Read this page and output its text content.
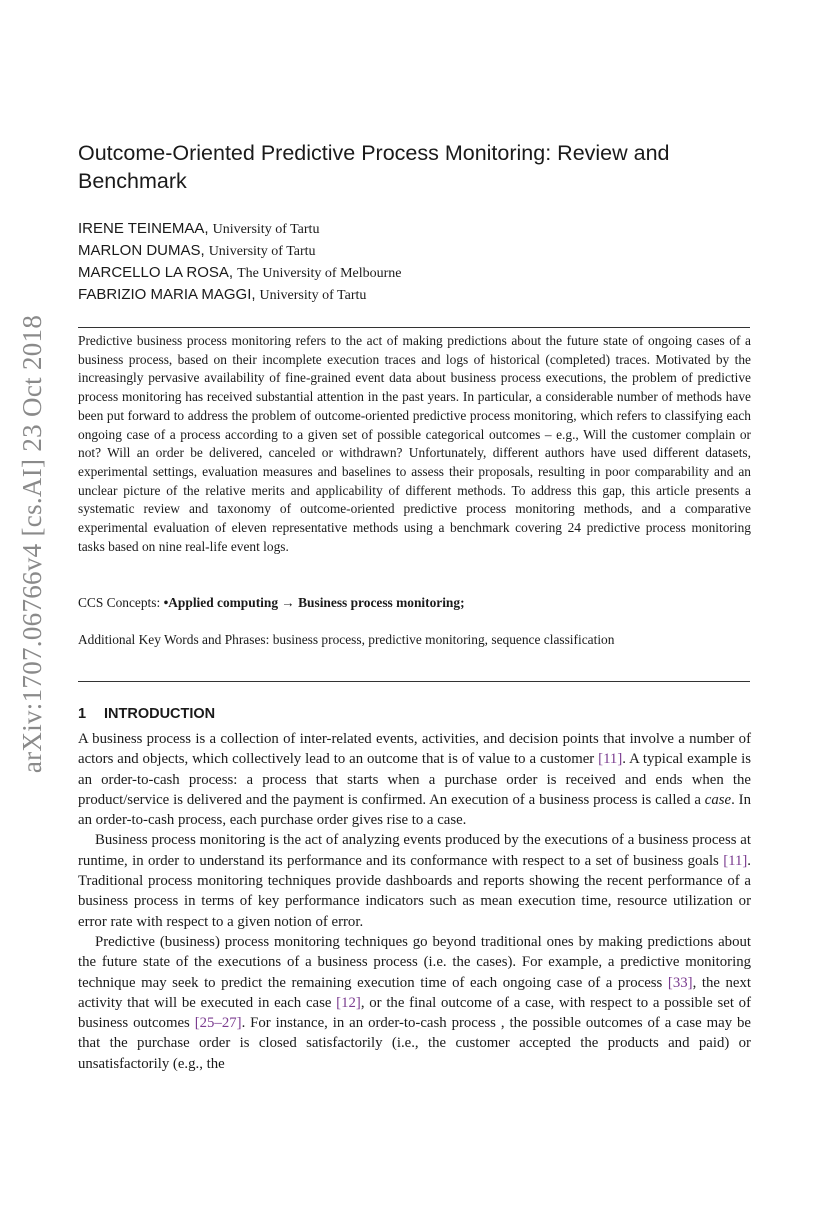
arXiv:1707.06766v4 [cs.AI] 23 Oct 2018
Outcome-Oriented Predictive Process Monitoring: Review and Benchmark
IRENE TEINEMAA, University of Tartu
MARLON DUMAS, University of Tartu
MARCELLO LA ROSA, The University of Melbourne
FABRIZIO MARIA MAGGI, University of Tartu

Predictive business process monitoring refers to the act of making predictions about the future state of ongoing cases of a business process, based on their incomplete execution traces and logs of historical (completed) traces. Motivated by the increasingly pervasive availability of fine-grained event data about business process executions, the problem of predictive process monitoring has received substantial attention in the past years. In particular, a considerable number of methods have been put forward to address the problem of outcome-oriented predictive process monitoring, which refers to classifying each ongoing case of a process according to a given set of possible categorical outcomes – e.g., Will the customer complain or not? Will an order be delivered, canceled or withdrawn? Unfortunately, different authors have used different datasets, experimental settings, evaluation measures and baselines to assess their proposals, resulting in poor comparability and an unclear picture of the relative merits and applicability of different methods. To address this gap, this article presents a systematic review and taxonomy of outcome-oriented predictive process monitoring methods, and a comparative experimental evaluation of eleven representative methods using a benchmark covering 24 predictive process monitoring tasks based on nine real-life event logs.

CCS Concepts: •Applied computing → Business process monitoring;

Additional Key Words and Phrases: business process, predictive monitoring, sequence classification

1 INTRODUCTION

A business process is a collection of inter-related events, activities, and decision points that involve a number of actors and objects, which collectively lead to an outcome that is of value to a customer [11]. A typical example is an order-to-cash process: a process that starts when a purchase order is received and ends when the product/service is delivered and the payment is confirmed. An execution of a business process is called a case. In an order-to-cash process, each purchase order gives rise to a case.

Business process monitoring is the act of analyzing events produced by the executions of a business process at runtime, in order to understand its performance and its conformance with respect to a set of business goals [11]. Traditional process monitoring techniques provide dashboards and reports showing the recent performance of a business process in terms of key performance indicators such as mean execution time, resource utilization or error rate with respect to a given notion of error.

Predictive (business) process monitoring techniques go beyond traditional ones by making predictions about the future state of the executions of a business process (i.e. the cases). For example, a predictive monitoring technique may seek to predict the remaining execution time of each ongoing case of a process [33], the next activity that will be executed in each case [12], or the final outcome of a case, with respect to a possible set of business outcomes [25–27]. For instance, in an order-to-cash process , the possible outcomes of a case may be that the purchase order is closed satisfactorily (i.e., the customer accepted the products and paid) or unsatisfactorily (e.g., the
